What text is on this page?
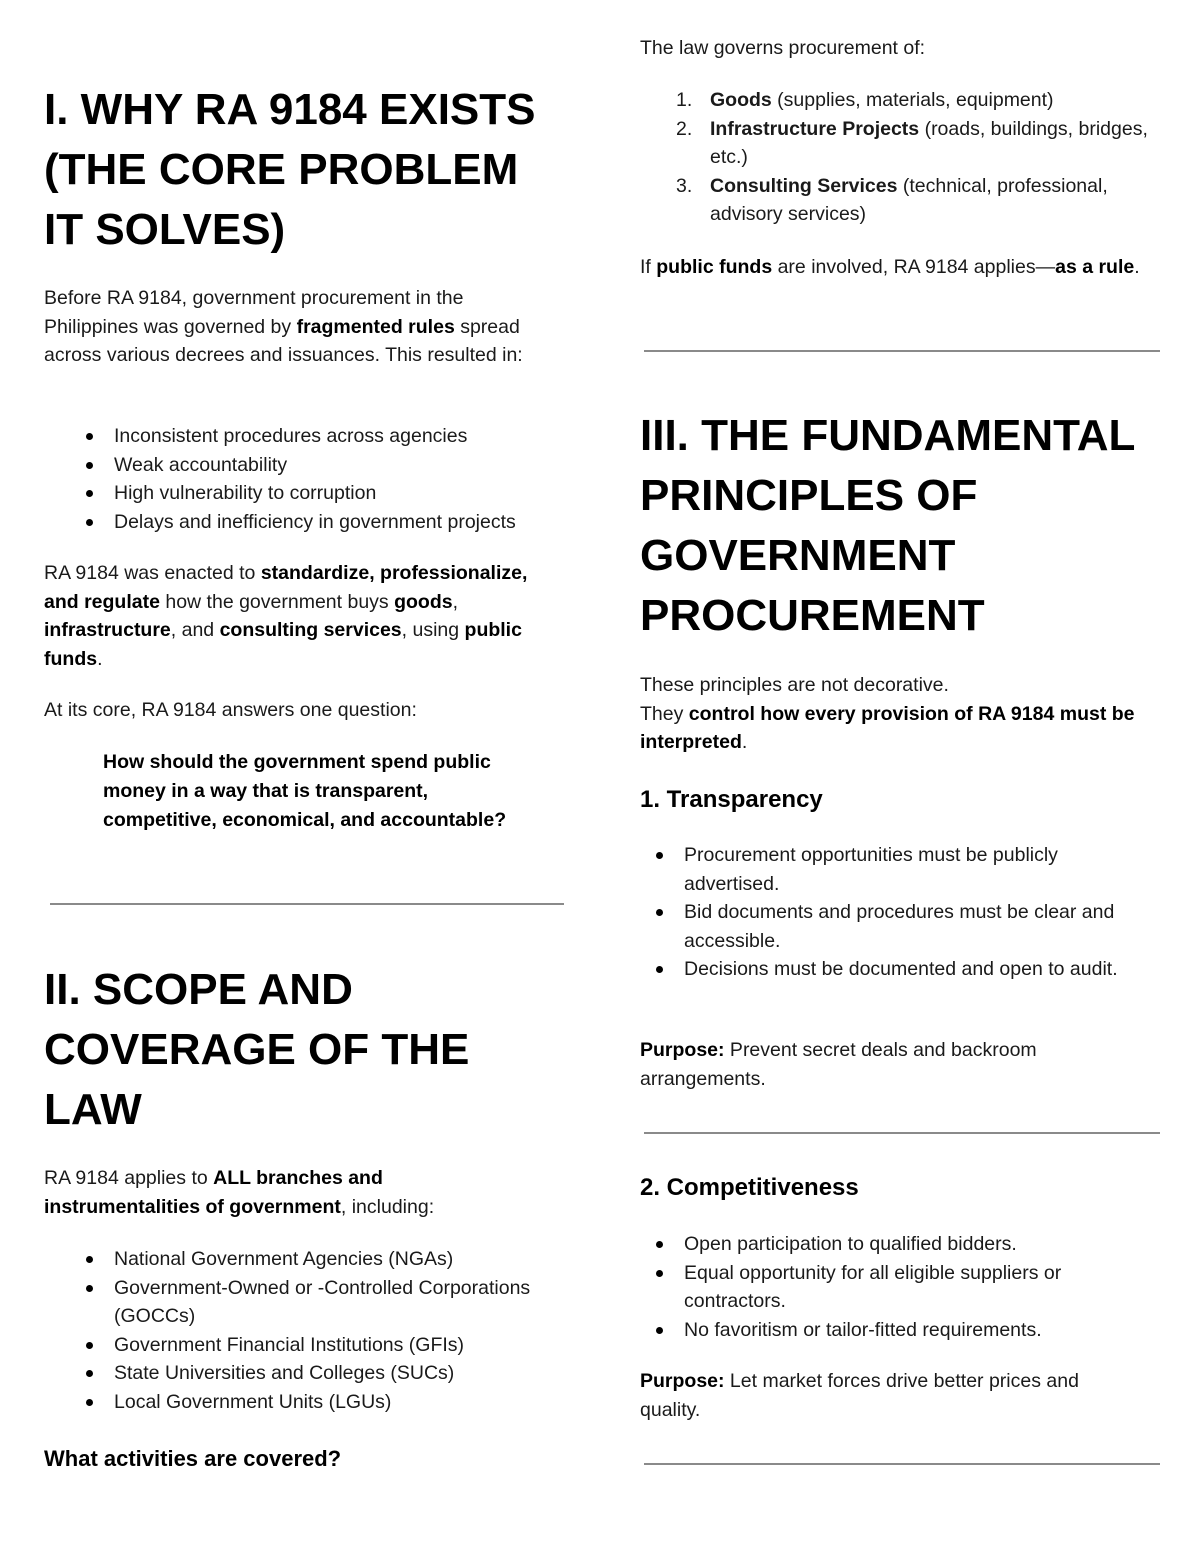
I. WHY RA 9184 EXISTS
(THE CORE PROBLEM
IT SOLVES)

Before RA 9184, government procurement in the Philippines was governed by fragmented rules spread across various decrees and issuances. This resulted in:

Inconsistent procedures across agencies
Weak accountability
High vulnerability to corruption
Delays and inefficiency in government projects

RA 9184 was enacted to standardize, professionalize, and regulate how the government buys goods, infrastructure, and consulting services, using public funds.

At its core, RA 9184 answers one question:

How should the government spend public money in a way that is transparent, competitive, economical, and accountable?

II. SCOPE AND
COVERAGE OF THE
LAW

RA 9184 applies to ALL branches and instrumentalities of government, including:

National Government Agencies (NGAs)
Government-Owned or -Controlled Corporations (GOCCs)
Government Financial Institutions (GFIs)
State Universities and Colleges (SUCs)
Local Government Units (LGUs)
What activities are covered?

The law governs procurement of:

1. Goods (supplies, materials, equipment)
2. Infrastructure Projects (roads, buildings, bridges, etc.)
3. Consulting Services (technical, professional, advisory services)

If public funds are involved, RA 9184 applies—as a rule.

III. THE FUNDAMENTAL
PRINCIPLES OF
GOVERNMENT
PROCUREMENT

These principles are not decorative.
They control how every provision of RA 9184 must be interpreted.

1. Transparency
Procurement opportunities must be publicly advertised.
Bid documents and procedures must be clear and accessible.
Decisions must be documented and open to audit.

Purpose: Prevent secret deals and backroom arrangements.

2. Competitiveness
Open participation to qualified bidders.
Equal opportunity for all eligible suppliers or contractors.
No favoritism or tailor-fitted requirements.

Purpose: Let market forces drive better prices and quality.
